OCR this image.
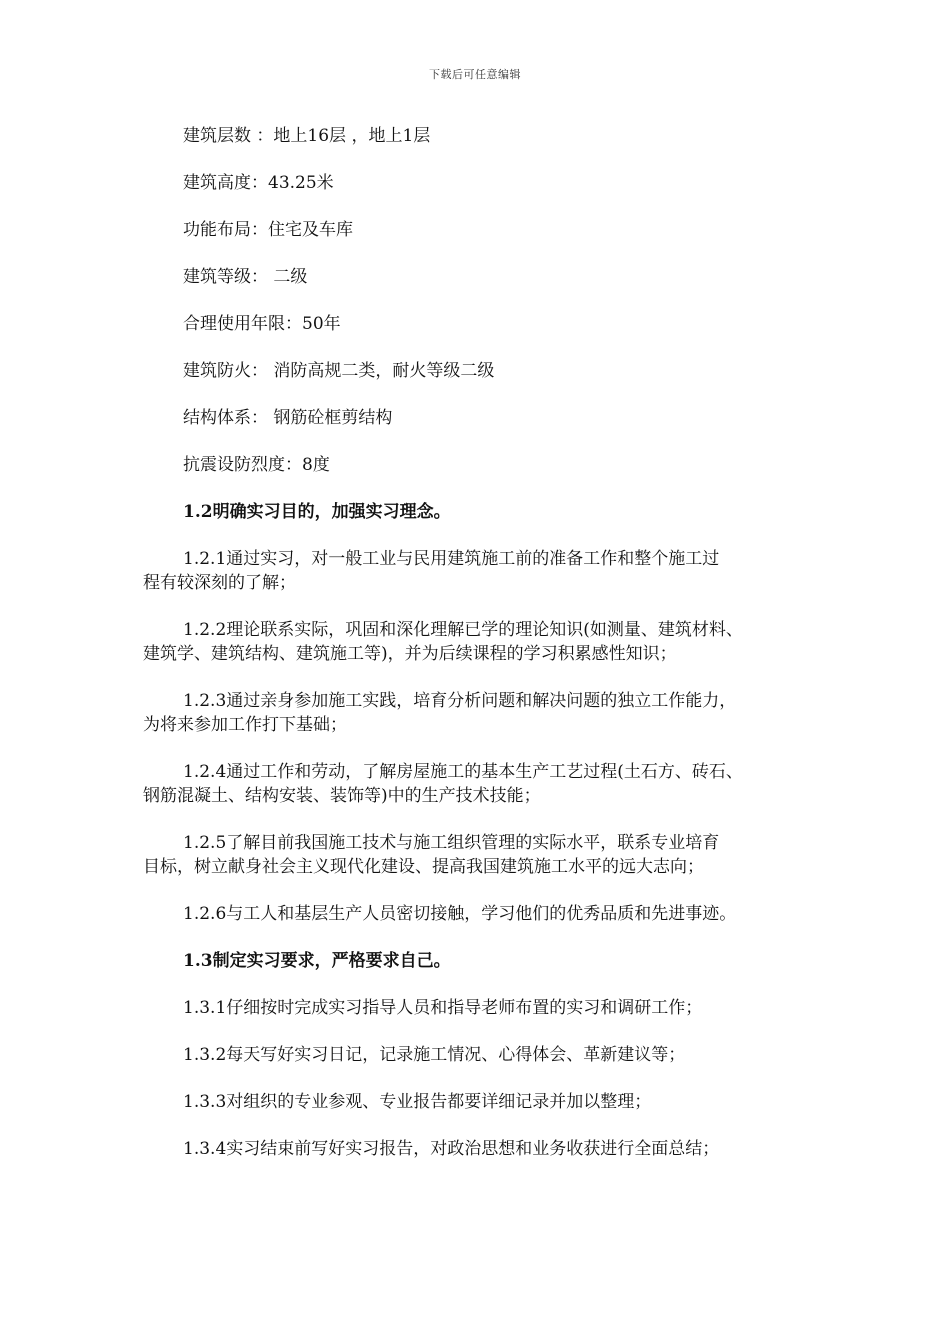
下载后可任意编辑

建筑层数 ：地上16层 ，地上1层

建筑高度：43.25米

功能布局：住宅及车库

建筑等级： 二级

合理使用年限：50年

建筑防火： 消防高规二类，耐火等级二级

结构体系： 钢筋砼框剪结构

抗震设防烈度：8度

1.2明确实习目的，加强实习理念。

1.2.1通过实习，对一般工业与民用建筑施工前的准备工作和整个施工过
程有较深刻的了解；
1.2.2理论联系实际，巩固和深化理解已学的理论知识(如测量、建筑材料、
建筑学、建筑结构、建筑施工等)，并为后续课程的学习积累感性知识；
1.2.3通过亲身参加施工实践，培育分析问题和解决问题的独立工作能力，
为将来参加工作打下基础；
1.2.4通过工作和劳动，了解房屋施工的基本生产工艺过程(土石方、砖石、
钢筋混凝土、结构安装、装饰等)中的生产技术技能；
1.2.5了解目前我国施工技术与施工组织管理的实际水平，联系专业培育
目标，树立献身社会主义现代化建设、提高我国建筑施工水平的远大志向；
1.2.6与工人和基层生产人员密切接触，学习他们的优秀品质和先进事迹。

1.3制定实习要求，严格要求自己。

1.3.1仔细按时完成实习指导人员和指导老师布置的实习和调研工作；

1.3.2每天写好实习日记，记录施工情况、心得体会、革新建议等；

1.3.3对组织的专业参观、专业报告都要详细记录并加以整理；

1.3.4实习结束前写好实习报告，对政治思想和业务收获进行全面总结；
